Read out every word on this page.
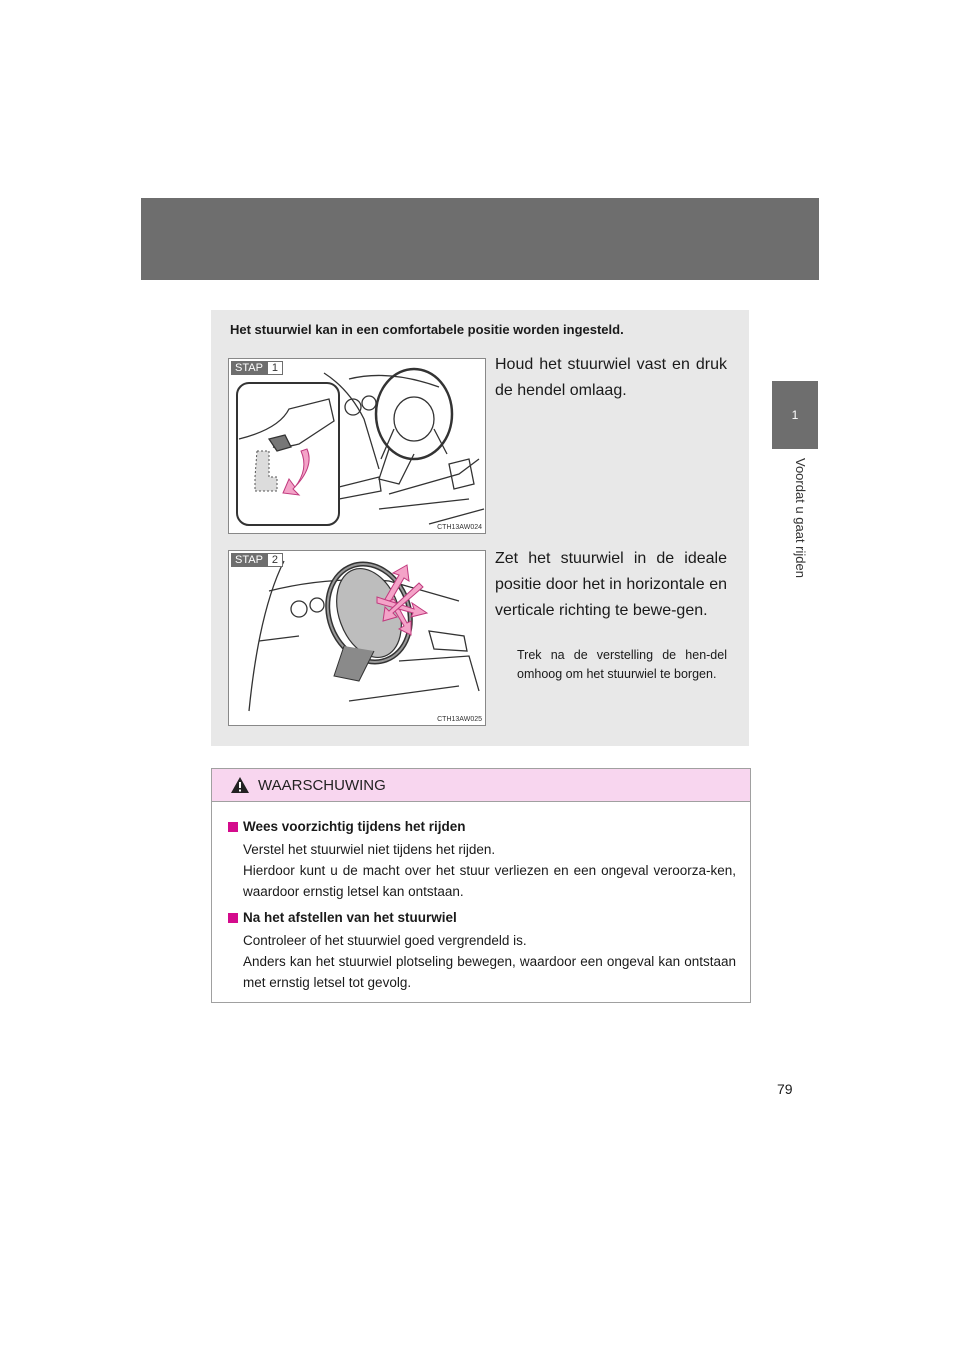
1
Voordat u gaat rijden
Het stuurwiel kan in een comfortabele positie worden ingesteld.
STAP 1
CTH13AW024
Houd het stuurwiel vast en druk de hendel omlaag.
STAP 2
CTH13AW025
Zet het stuurwiel in de ideale positie door het in horizontale en verticale richting te bewe-gen.
Trek na de verstelling de hen-del omhoog om het stuurwiel te borgen.
WAARSCHUWING
Wees voorzichtig tijdens het rijden
Verstel het stuurwiel niet tijdens het rijden.
Hierdoor kunt u de macht over het stuur verliezen en een ongeval veroorza-ken, waardoor ernstig letsel kan ontstaan.
Na het afstellen van het stuurwiel
Controleer of het stuurwiel goed vergrendeld is.
Anders kan het stuurwiel plotseling bewegen, waardoor een ongeval kan ontstaan met ernstig letsel tot gevolg.
79
